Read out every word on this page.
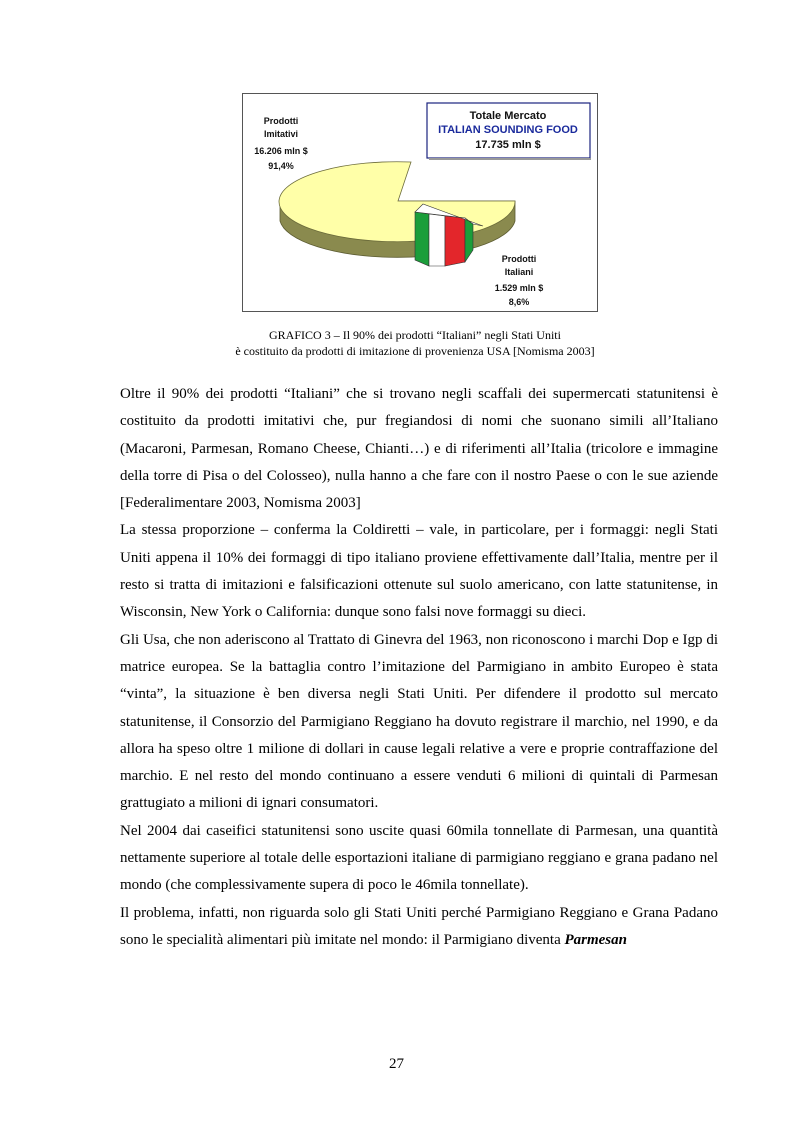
Totale Mercato
ITALIAN SOUNDING FOOD
17.735 mln $
Prodotti
Imitativi
16.206 mln $
91,4%
Prodotti
Italiani
1.529 mln $
8,6%
GRAFICO 3 – Il 90% dei prodotti “Italiani” negli Stati Uniti
è costituito da prodotti di imitazione di provenienza USA [Nomisma 2003]

Oltre il 90% dei prodotti “Italiani” che si trovano negli scaffali dei supermercati statunitensi è costituito da prodotti imitativi che, pur fregiandosi di nomi che suonano simili all’Italiano (Macaroni, Parmesan, Romano Cheese, Chianti…) e di riferimenti all’Italia (tricolore e immagine della torre di Pisa o del Colosseo), nulla hanno a che fare con il nostro Paese o con le sue aziende [Federalimentare 2003, Nomisma 2003]

La stessa proporzione – conferma la Coldiretti – vale, in particolare, per i formaggi: negli Stati Uniti appena il 10% dei formaggi di tipo italiano proviene effettivamente dall’Italia, mentre per il resto si tratta di imitazioni e falsificazioni ottenute sul suolo americano, con latte statunitense, in Wisconsin, New York o California: dunque sono falsi nove formaggi su dieci.

Gli Usa, che non aderiscono al Trattato di Ginevra del 1963, non riconoscono i marchi Dop e Igp di matrice europea. Se la battaglia contro l’imitazione del Parmigiano in ambito Europeo è stata “vinta”, la situazione è ben diversa negli Stati Uniti. Per difendere il prodotto sul mercato statunitense, il Consorzio del Parmigiano Reggiano ha dovuto registrare il marchio, nel 1990, e da allora ha speso oltre 1 milione di dollari in cause legali relative a vere e proprie contraffazione del marchio. E nel resto del mondo continuano a essere venduti 6 milioni di quintali di Parmesan grattugiato a milioni di ignari consumatori.

Nel 2004 dai caseifici statunitensi sono uscite quasi 60mila tonnellate di Parmesan, una quantità nettamente superiore al totale delle esportazioni italiane di parmigiano reggiano e grana padano nel mondo (che complessivamente supera di poco le 46mila tonnellate).

Il problema, infatti, non riguarda solo gli Stati Uniti perché Parmigiano Reggiano e Grana Padano sono le specialità alimentari più imitate nel mondo: il Parmigiano diventa Parmesan

27
